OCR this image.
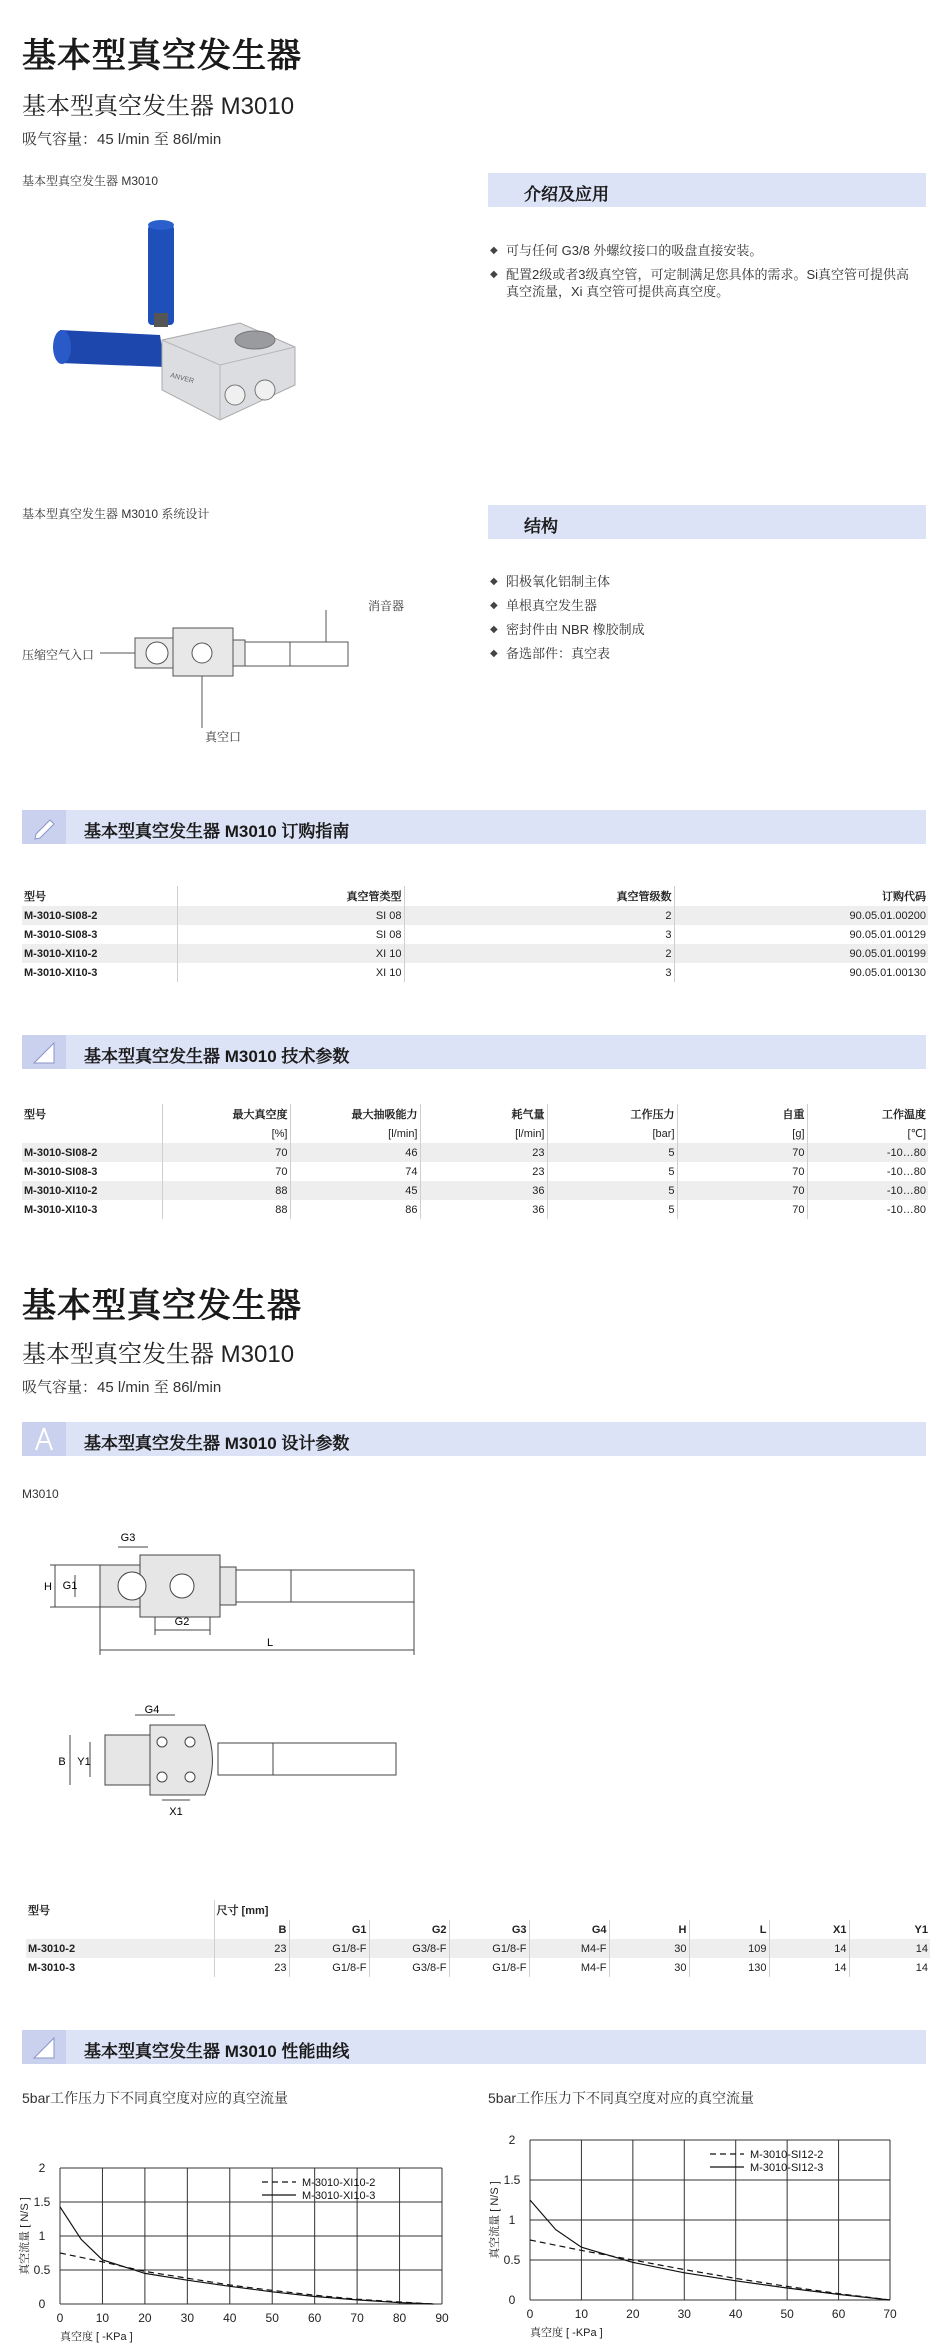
基本型真空发生器
基本型真空发生器 M3010
吸气容量：45 l/min 至 86l/min
基本型真空发生器 M3010
ANVER
介绍及应用
◆ 可与任何 G3/8 外螺纹接口的吸盘直接安装。
◆ 配置2级或者3级真空管，可定制满足您具体的需求。Si真空管可提供高真空流量，Xi 真空管可提供高真空度。
基本型真空发生器 M3010 系统设计
消音器
压缩空气入口
真空口
结构
◆ 阳极氧化铝制主体
◆ 单根真空发生器
◆ 密封件由 NBR 橡胶制成
◆ 备选部件：真空表
基本型真空发生器 M3010 订购指南
型号	真空管类型	真空管级数	订购代码
M-3010-SI08-2	SI 08	2	90.05.01.00200
M-3010-SI08-3	SI 08	3	90.05.01.00129
M-3010-XI10-2	XI 10	2	90.05.01.00199
M-3010-XI10-3	XI 10	3	90.05.01.00130
基本型真空发生器 M3010 技术参数
型号	最大真空度	最大抽吸能力	耗气量	工作压力	自重	工作温度
	[%]	[l/min]	[l/min]	[bar]	[g]	[℃]
M-3010-SI08-2	70	46	23	5	70	-10…80
M-3010-SI08-3	70	74	23	5	70	-10…80
M-3010-XI10-2	88	45	36	5	70	-10…80
M-3010-XI10-3	88	86	36	5	70	-10…80
基本型真空发生器
基本型真空发生器 M3010
吸气容量：45 l/min 至 86l/min
基本型真空发生器 M3010 设计参数
M3010
G3
G1
H
G2
L
G4
B Y1
X1
型号	尺寸 [mm]								
	B	G1	G2	G3	G4	H	L	X1	Y1
M-3010-2	23	G1/8-F	G3/8-F	G1/8-F	M4-F	30	109	14	14
M-3010-3	23	G1/8-F	G3/8-F	G1/8-F	M4-F	30	130	14	14
基本型真空发生器 M3010 性能曲线
5bar工作压力下不同真空度对应的真空流量	5bar工作压力下不同真空度对应的真空流量
0	10 20 30 40 50 60 70 80 90
0
0.5
1
1.5
2
真空度 [ -KPa ]
真空流量 [ N/S ]
M-3010-XI10-2
M-3010-XI10-3
0	10	20	30	40	50	60	70
0
0.5
1
1.5
2
真空度 [ -KPa ]
真空流量 [ N/S ]
M-3010-SI12-2
M-3010-SI12-3
